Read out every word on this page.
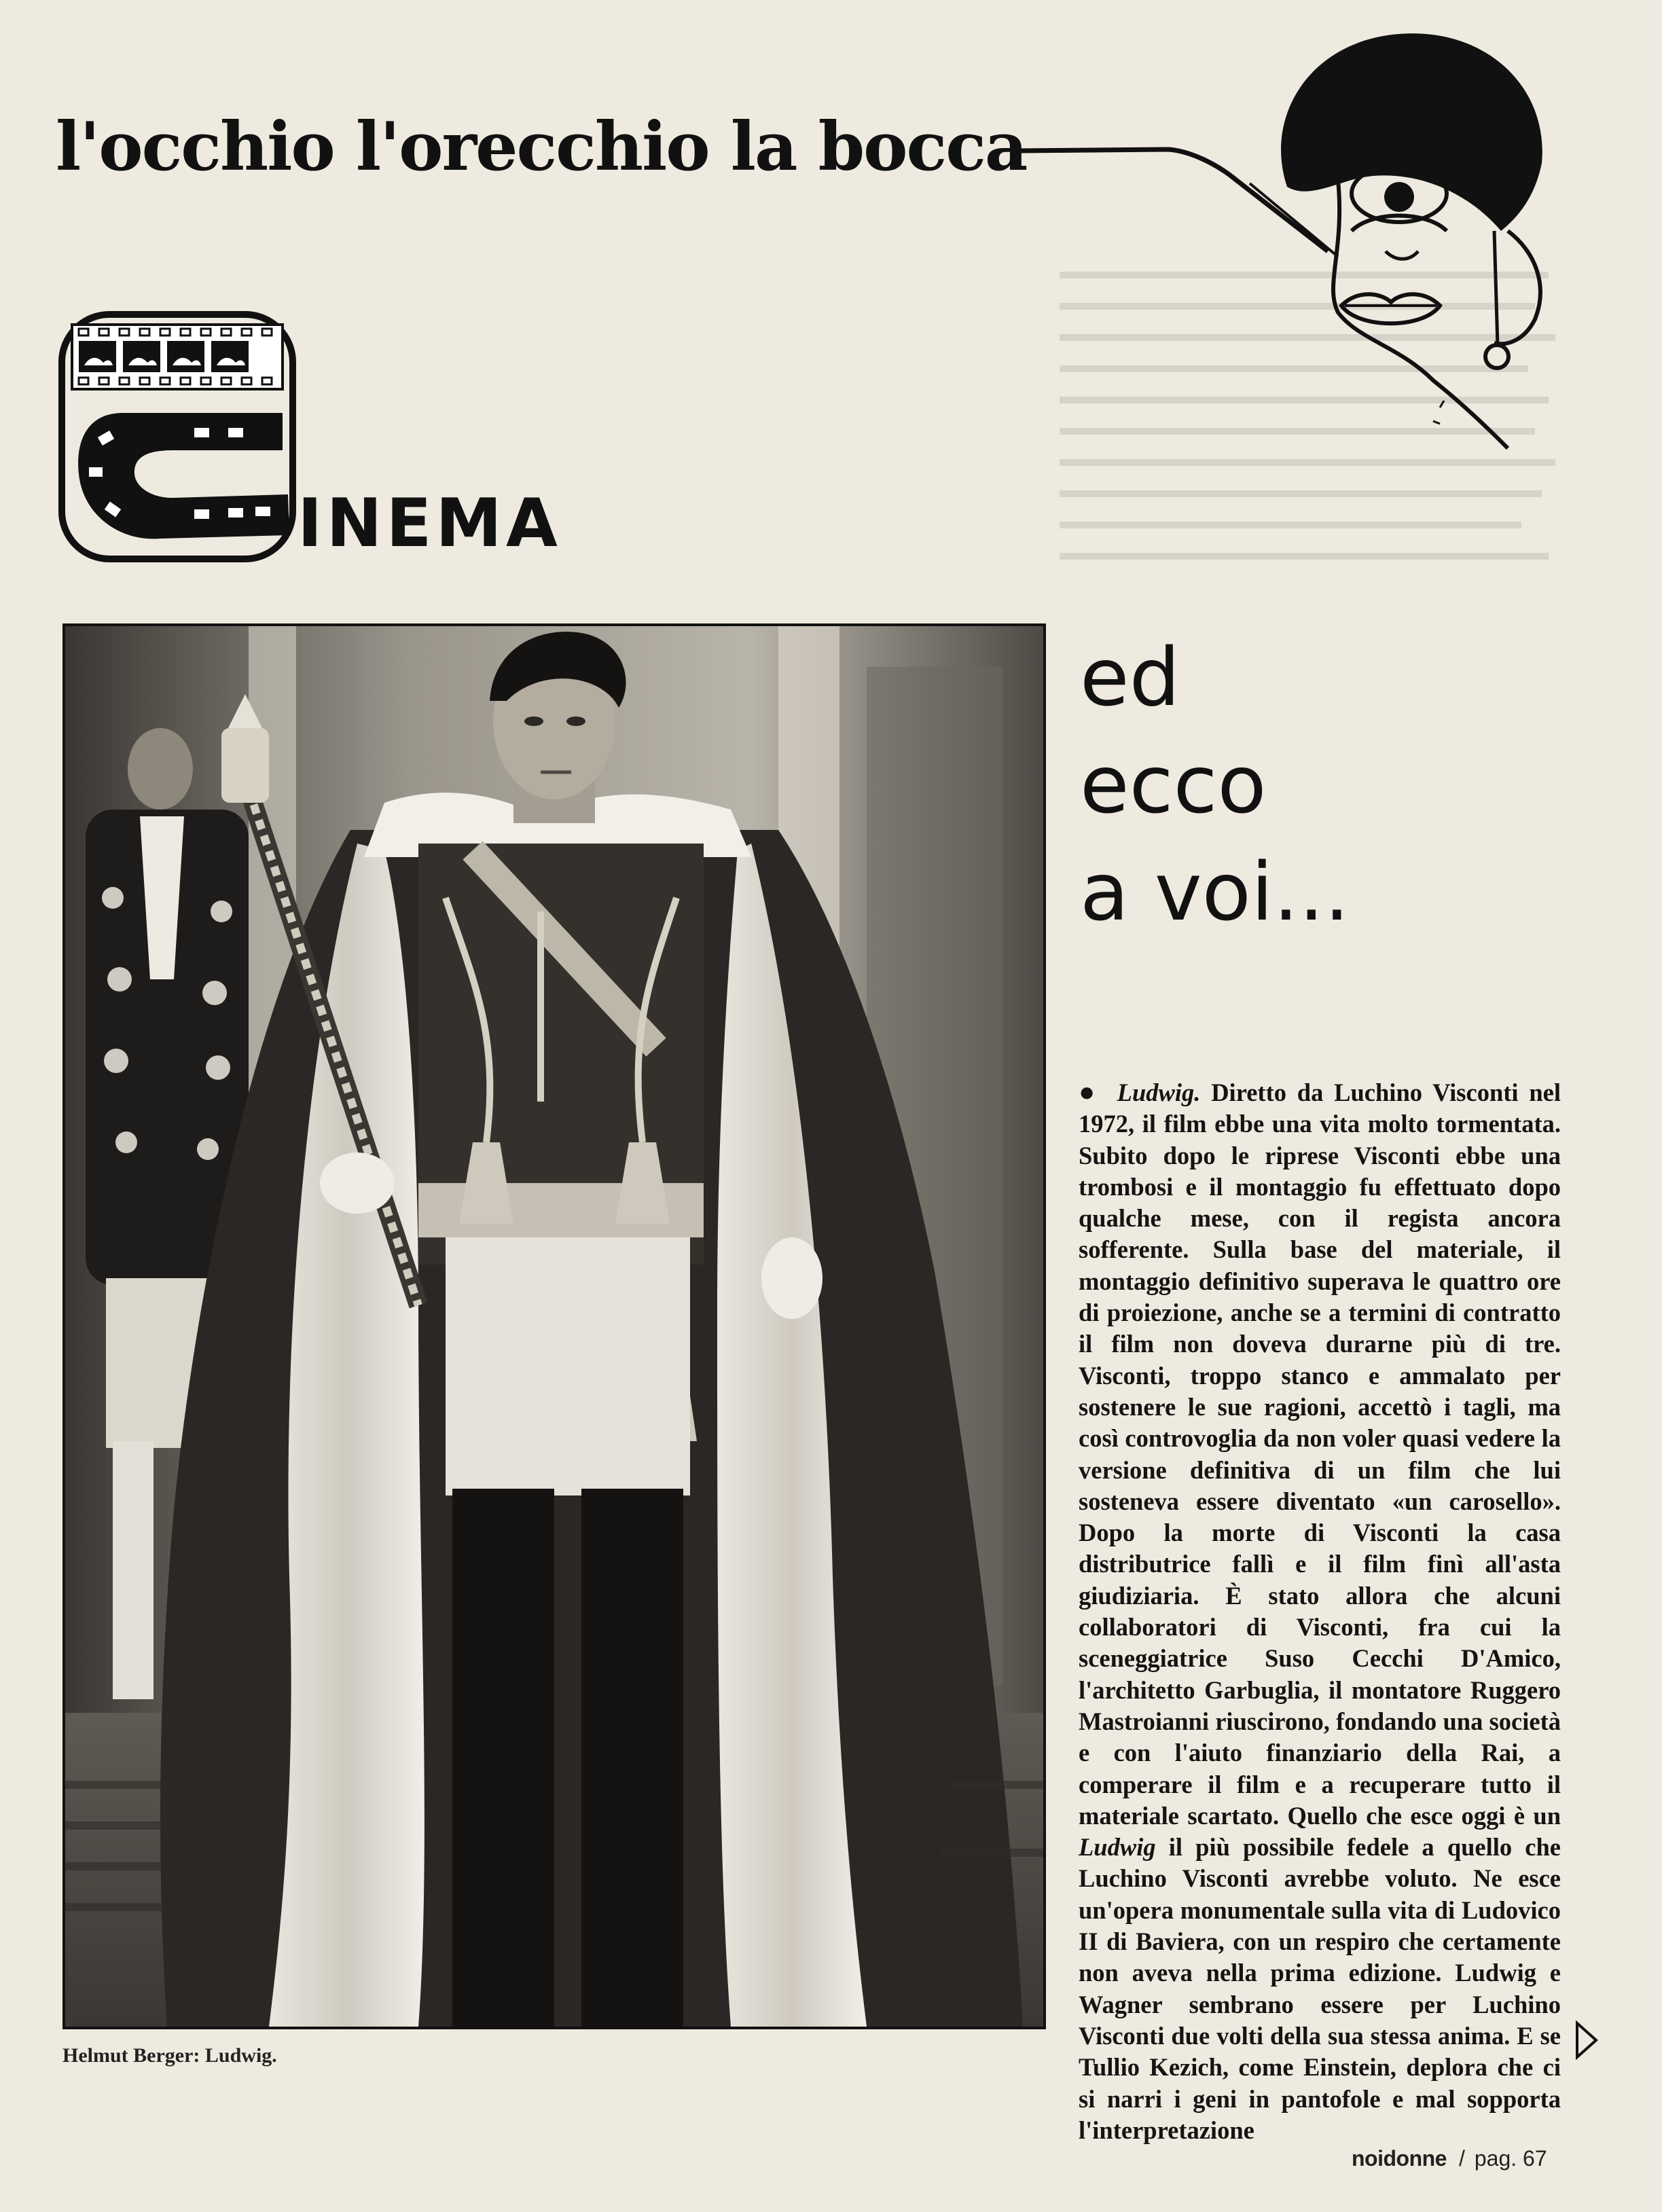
l'occhio l'orecchio la bocca
INEMA
Helmut Berger: Ludwig.
ed
ecco
a voi...
● Ludwig. Diretto da Luchino Visconti nel 1972, il film ebbe una vita molto tormentata. Subito dopo le riprese Visconti ebbe una trombosi e il montaggio fu effettuato dopo qualche mese, con il regista ancora sofferente. Sulla base del materiale, il montaggio definitivo superava le quattro ore di proiezione, anche se a termini di contratto il film non doveva durarne più di tre. Visconti, troppo stanco e ammalato per sostenere le sue ragioni, accettò i tagli, ma così controvoglia da non voler quasi vedere la versione definitiva di un film che lui sosteneva essere diventato «un carosello». Dopo la morte di Visconti la casa distributrice fallì e il film finì all'asta giudiziaria. È stato allora che alcuni collaboratori di Visconti, fra cui la sceneggiatrice Suso Cecchi D'Amico, l'architetto Garbuglia, il montatore Ruggero Mastroianni riuscirono, fondando una società e con l'aiuto finanziario della Rai, a comperare il film e a recuperare tutto il materiale scartato. Quello che esce oggi è un Ludwig il più possibile fedele a quello che Luchino Visconti avrebbe voluto. Ne esce un'opera monumentale sulla vita di Ludovico II di Baviera, con un respiro che certamente non aveva nella prima edizione. Ludwig e Wagner sembrano essere per Luchino Visconti due volti della sua stessa anima. E se Tullio Kezich, come Einstein, deplora che ci si narri i geni in pantofole e mal sopporta l'interpretazione
noidonne / pag. 67
